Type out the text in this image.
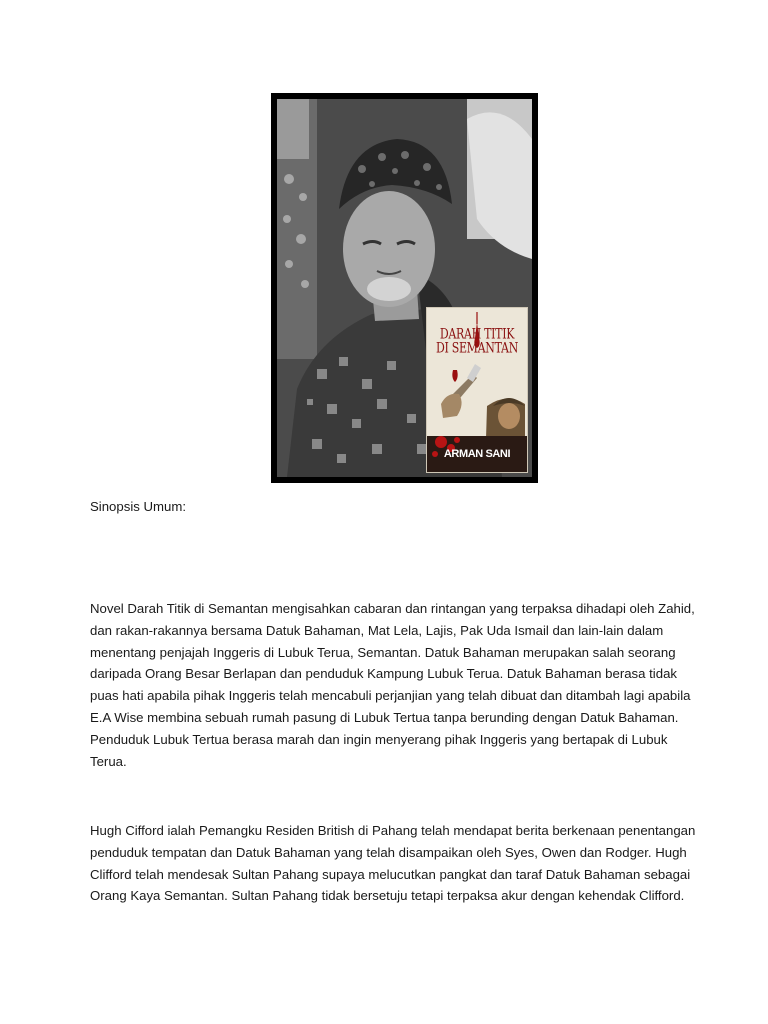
DARAH TITIK
DI SEMANTAN
ARMAN SANI
Sinopsis Umum:
Novel Darah Titik di Semantan mengisahkan cabaran dan rintangan yang terpaksa dihadapi oleh Zahid, dan rakan-rakannya bersama Datuk Bahaman, Mat Lela, Lajis, Pak Uda Ismail dan lain-lain dalam menentang penjajah Inggeris di Lubuk Terua, Semantan. Datuk Bahaman merupakan salah seorang daripada Orang Besar Berlapan dan penduduk Kampung Lubuk Terua. Datuk Bahaman berasa tidak puas hati apabila pihak Inggeris telah mencabuli perjanjian yang telah dibuat dan ditambah lagi apabila E.A Wise membina sebuah rumah pasung di Lubuk Tertua tanpa berunding dengan Datuk Bahaman. Penduduk Lubuk Tertua berasa marah dan ingin menyerang pihak Inggeris yang bertapak di Lubuk Terua.
Hugh Cifford ialah Pemangku Residen British di Pahang telah mendapat berita berkenaan penentangan penduduk tempatan dan Datuk Bahaman yang telah disampaikan oleh Syes, Owen dan Rodger. Hugh Clifford telah mendesak Sultan Pahang supaya melucutkan pangkat dan taraf Datuk Bahaman sebagai Orang Kaya Semantan. Sultan Pahang tidak bersetuju tetapi terpaksa akur dengan kehendak Clifford.
